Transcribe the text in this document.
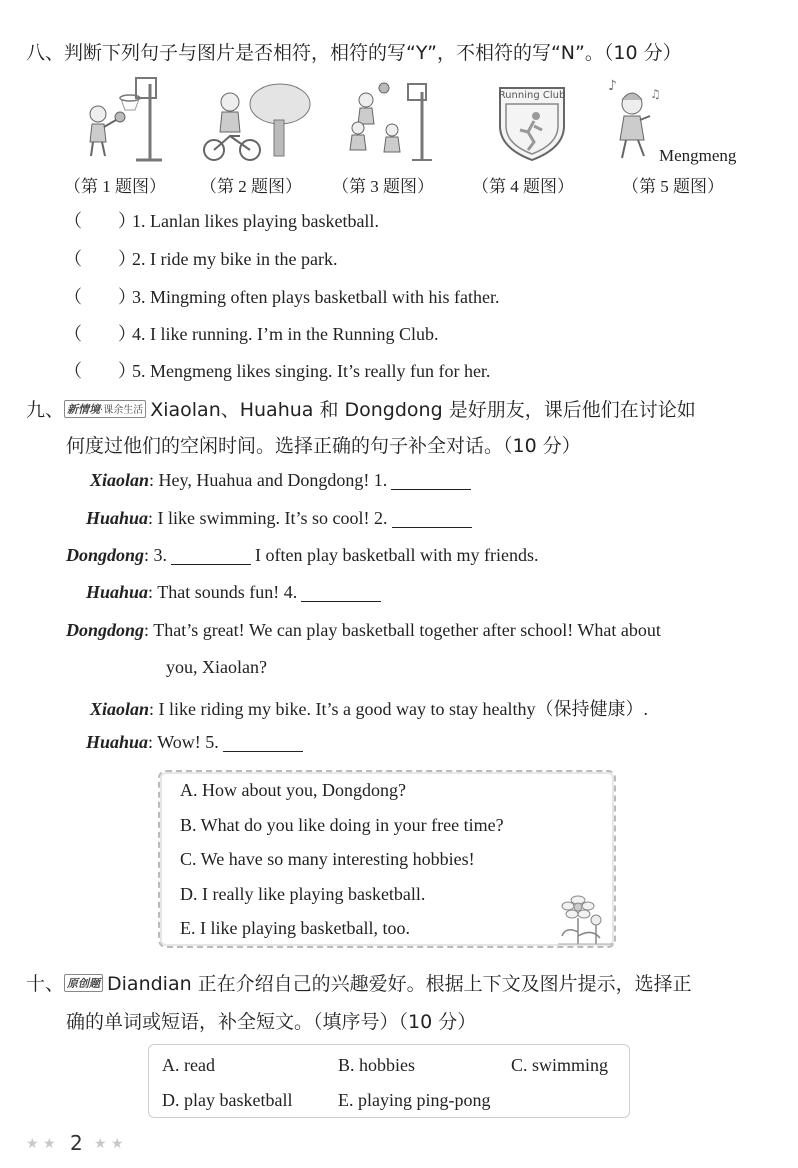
八、判断下列句子与图片是否相符，相符的写“Y”，不相符的写“N”。（10 分）
Running Club
♪	♫
Mengmeng
（第 1 题图） （第 2 题图） （第 3 题图） （第 4 题图）	（第 5 题图）
（　　）1. Lanlan likes playing basketball.
（　　）2. I ride my bike in the park.
（　　）3. Mingming often plays basketball with his father.
（　　）4. I like running. I’m in the Running Club.
（　　）5. Mengmeng likes singing. It’s really fun for her.
九、 新情境·课余生活 Xiaolan、Huahua 和 Dongdong 是好朋友，课后他们在讨论如
何度过他们的空闲时间。选择正确的句子补全对话。（10 分）
Xiaolan: Hey, Huahua and Dongdong! 1.
Huahua: I like swimming. It’s so cool! 2.
Dongdong: 3.	I often play basketball with my friends.
Huahua: That sounds fun! 4.
Dongdong: That’s great! We can play basketball together after school! What about
you, Xiaolan?
Xiaolan: I like riding my bike. It’s a good way to stay healthy（保持健康）.
Huahua: Wow! 5.
A. How about you, Dongdong?
B. What do you like doing in your free time?
C. We have so many interesting hobbies!
D. I really like playing basketball.
E. I like playing basketball, too.
十、 原创题 Diandian 正在介绍自己的兴趣爱好。根据上下文及图片提示，选择正
确的单词或短语，补全短文。（填序号）（10 分）
A. read	B. hobbies	C. swimming
D. play basketball	E. playing ping-pong
★ ★ 2 ★ ★
